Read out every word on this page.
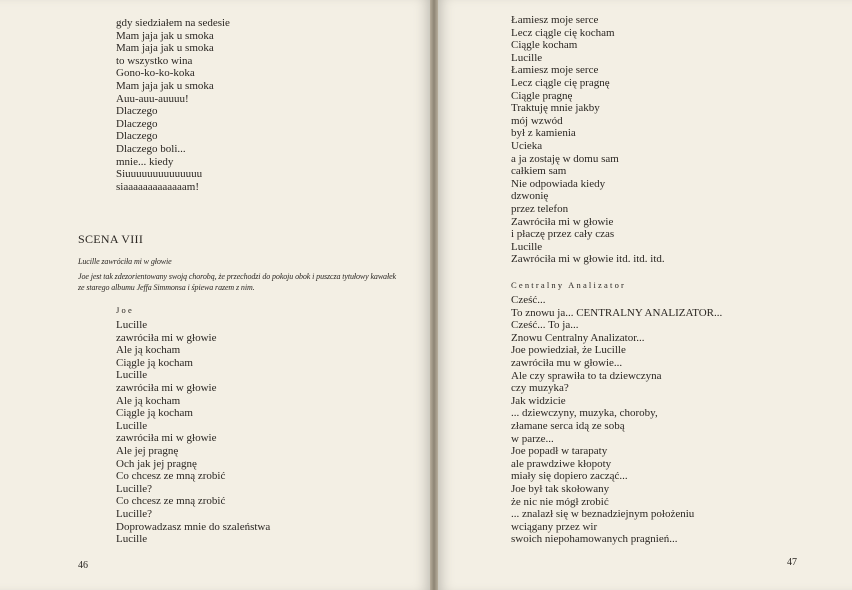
gdy siedziałem na sedesie
Mam jaja jak u smoka
Mam jaja jak u smoka
to wszystko wina
Gono-ko-ko-koka
Mam jaja jak u smoka
Auu-auu-auuuu!
Dlaczego
Dlaczego
Dlaczego
Dlaczego boli...
mnie... kiedy
Siuuuuuuuuuuuuuu
siaaaaaaaaaaaaam!
SCENA VIII
Lucille zawróciła mi w głowie
Joe jest tak zdezorientowany swoją chorobą, że przechodzi do pokoju obok i puszcza tytułowy kawałek
ze starego albumu Jeffa Simmonsa i śpiewa razem z nim.
Joe
Lucille
zawróciła mi w głowie
Ale ją kocham
Ciągle ją kocham
Lucille
zawróciła mi w głowie
Ale ją kocham
Ciągle ją kocham
Lucille
zawróciła mi w głowie
Ale jej pragnę
Och jak jej pragnę
Co chcesz ze mną zrobić
Lucille?
Co chcesz ze mną zrobić
Lucille?
Doprowadzasz mnie do szaleństwa
Lucille
46
Łamiesz moje serce
Lecz ciągle cię kocham
Ciągle kocham
Lucille
Łamiesz moje serce
Lecz ciągle cię pragnę
Ciągle pragnę
Traktuję mnie jakby
mój wzwód
był z kamienia
Ucieka
a ja zostaję w domu sam
całkiem sam
Nie odpowiada kiedy
dzwonię
przez telefon
Zawróciła mi w głowie
i płaczę przez cały czas
Lucille
Zawróciła mi w głowie itd. itd. itd.
Centralny Analizator
Cześć...
To znowu ja... CENTRALNY ANALIZATOR...
Cześć... To ja...
Znowu Centralny Analizator...
Joe powiedział, że Lucille
zawróciła mu w głowie...
Ale czy sprawiła to ta dziewczyna
czy muzyka?
Jak widzicie
... dziewczyny, muzyka, choroby,
złamane serca idą ze sobą
w parze...
Joe popadł w tarapaty
ale prawdziwe kłopoty
miały się dopiero zacząć...
Joe był tak skołowany
że nic nie mógł zrobić
... znalazł się w beznadziejnym położeniu
wciągany przez wir
swoich niepohamowanych pragnień...
47
